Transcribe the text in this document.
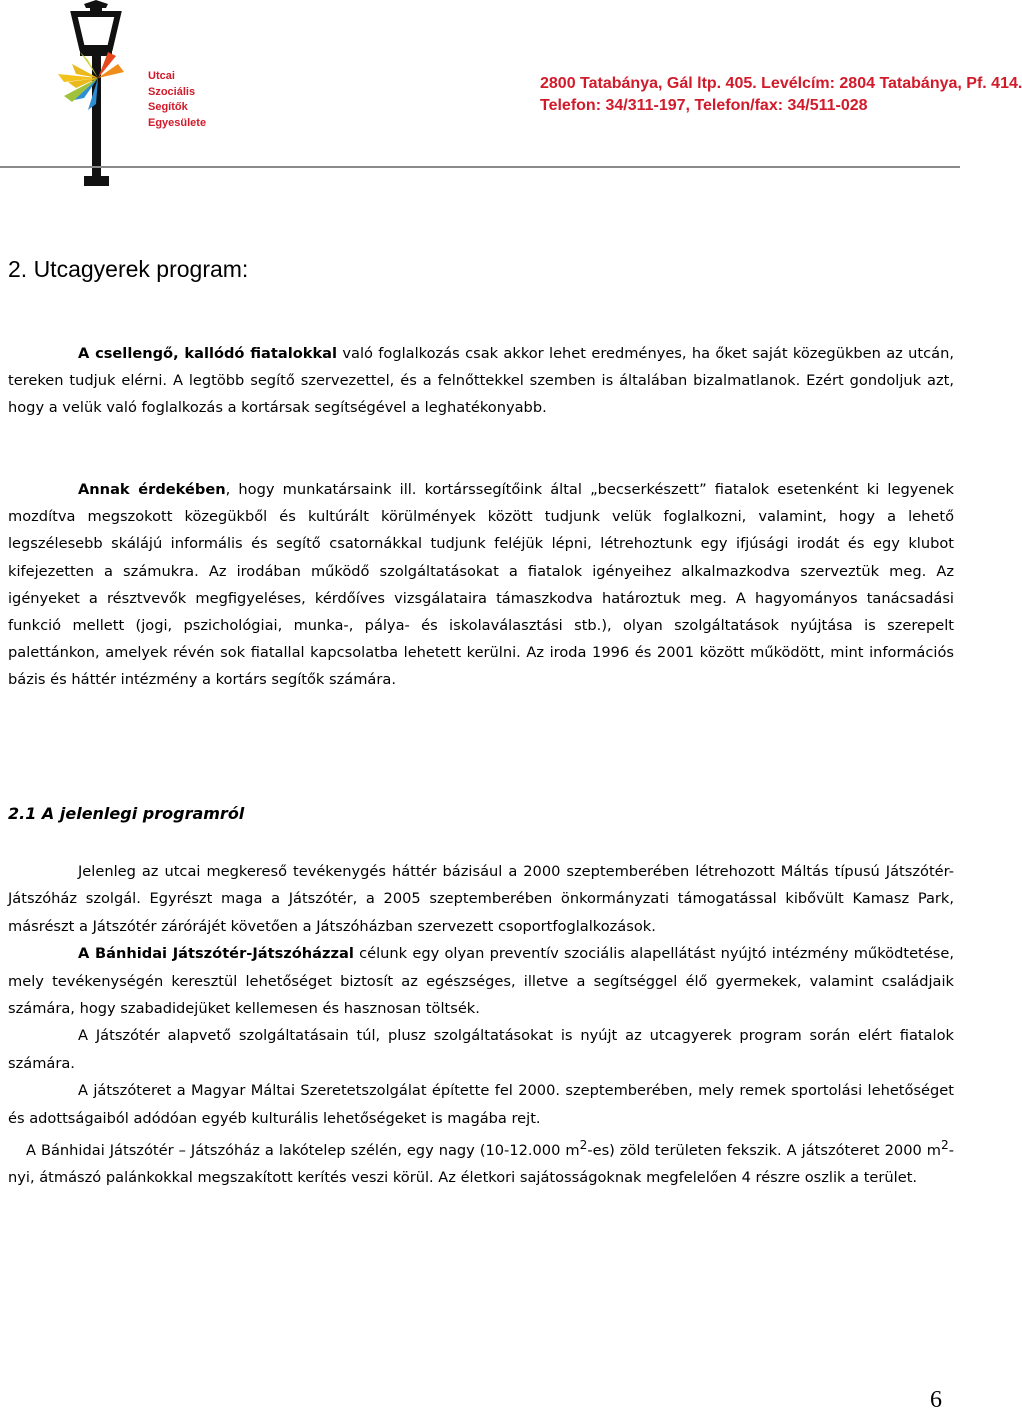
Utcai
Szociális
Segítők
Egyesülete
2800 Tatabánya, Gál ltp. 405. Levélcím: 2804 Tatabánya, Pf. 414.
Telefon: 34/311-197, Telefon/fax: 34/511-028
2. Utcagyerek program:

A csellengő, kallódó fiatalokkal való foglalkozás csak akkor lehet eredményes, ha őket saját közegükben az utcán, tereken tudjuk elérni. A legtöbb segítő szervezettel, és a felnőttekkel szemben is általában bizalmatlanok. Ezért gondoljuk azt, hogy a velük való foglalkozás a kortársak segítségével a leghatékonyabb.

Annak érdekében, hogy munkatársaink ill. kortárssegítőink által „becserkészett” fiatalok esetenként ki legyenek mozdítva megszokott közegükből és kultúrált körülmények között tudjunk velük foglalkozni, valamint, hogy a lehető legszélesebb skálájú informális és segítő csatornákkal tudjunk feléjük lépni, létrehoztunk egy ifjúsági irodát és egy klubot kifejezetten a számukra. Az irodában működő szolgáltatásokat a fiatalok igényeihez alkalmazkodva szerveztük meg. Az igényeket a résztvevők megfigyeléses, kérdőíves vizsgálataira támaszkodva határoztuk meg. A hagyományos tanácsadási funkció mellett (jogi, pszichológiai, munka-, pálya- és iskolaválasztási stb.), olyan szolgáltatások nyújtása is szerepelt palettánkon, amelyek révén sok fiatallal kapcsolatba lehetett kerülni. Az iroda 1996 és 2001 között működött, mint információs bázis és háttér intézmény a kortárs segítők számára.

2.1 A jelenlegi programról

Jelenleg az utcai megkereső tevékenygés háttér bázisául a 2000 szeptemberében létrehozott Máltás típusú Játszótér-Játszóház szolgál. Egyrészt maga a Játszótér, a 2005 szeptemberében önkormányzati támogatással kibővült Kamasz Park, másrészt a Játszótér zárórájét követően a Játszóházban szervezett csoportfoglalkozások.

A Bánhidai Játszótér-Játszóházzal célunk egy olyan preventív szociális alapellátást nyújtó intézmény működtetése, mely tevékenységén keresztül lehetőséget biztosít az egészséges, illetve a segítséggel élő gyermekek, valamint családjaik számára, hogy szabadidejüket kellemesen és hasznosan töltsék.

A Játszótér alapvető szolgáltatásain túl, plusz szolgáltatásokat is nyújt az utcagyerek program során elért fiatalok számára.

A játszóteret a Magyar Máltai Szeretetszolgálat építette fel 2000. szeptemberében, mely remek sportolási lehetőséget és adottságaiból adódóan egyéb kulturális lehetőségeket is magába rejt.

A Bánhidai Játszótér – Játszóház a lakótelep szélén, egy nagy (10-12.000 $m^2-es$) zöld területen fekszik. A játszóteret 2000 $m^2$-nyi, átmászó palánkokkal megszakított kerítés veszi körül. Az életkori sajátosságoknak megfelelően 4 részre oszlik a terület.

6
